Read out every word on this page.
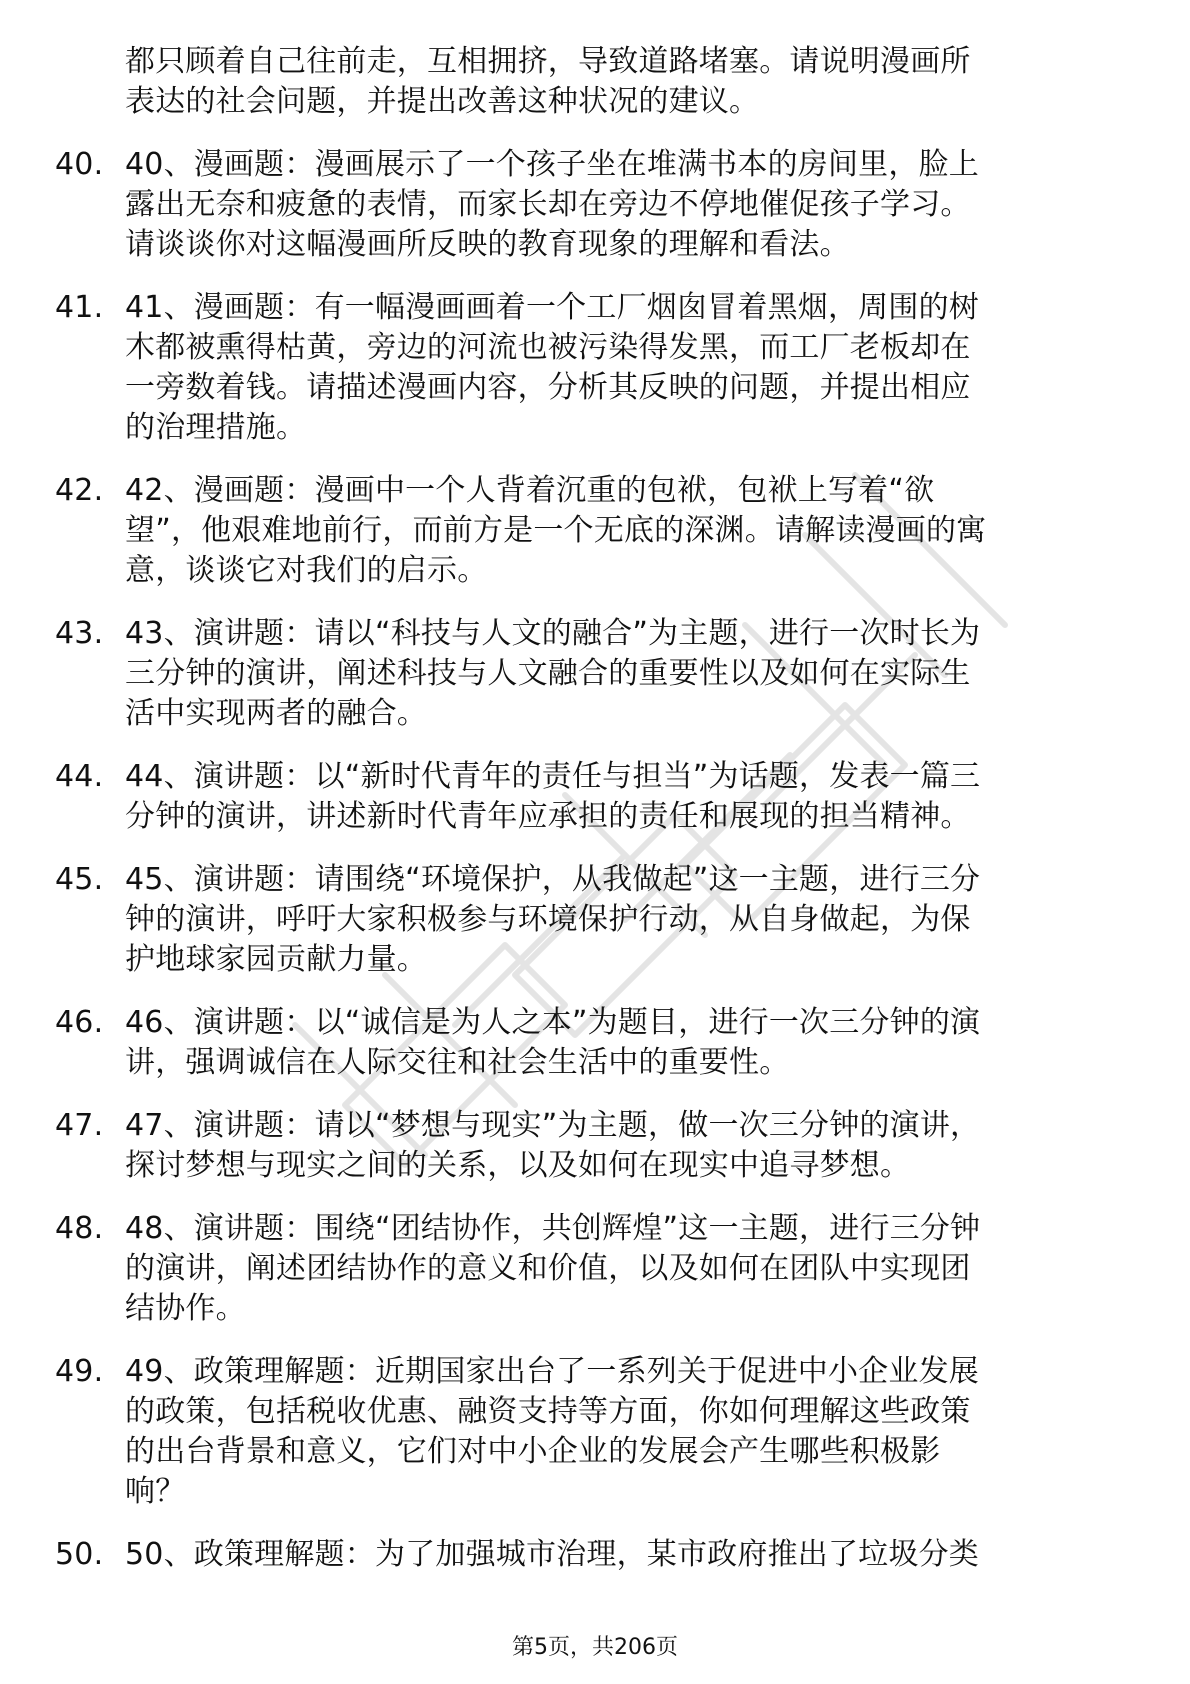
都只顾着自己往前走，互相拥挤，导致道路堵塞。请说明漫画所
表达的社会问题，并提出改善这种状况的建议。
40. 40、漫画题：漫画展示了一个孩子坐在堆满书本的房间里，脸上
露出无奈和疲惫的表情，而家长却在旁边不停地催促孩子学习。
请谈谈你对这幅漫画所反映的教育现象的理解和看法。
41. 41、漫画题：有一幅漫画画着一个工厂烟囱冒着黑烟，周围的树
木都被熏得枯黄，旁边的河流也被污染得发黑，而工厂老板却在
一旁数着钱。请描述漫画内容，分析其反映的问题，并提出相应
的治理措施。
42. 42、漫画题：漫画中一个人背着沉重的包袱，包袱上写着“欲
望”，他艰难地前行，而前方是一个无底的深渊。请解读漫画的寓
意，谈谈它对我们的启示。
43. 43、演讲题：请以“科技与人文的融合”为主题，进行一次时长为
三分钟的演讲，阐述科技与人文融合的重要性以及如何在实际生
活中实现两者的融合。
44. 44、演讲题：以“新时代青年的责任与担当”为话题，发表一篇三
分钟的演讲，讲述新时代青年应承担的责任和展现的担当精神。
45. 45、演讲题：请围绕“环境保护，从我做起”这一主题，进行三分
钟的演讲，呼吁大家积极参与环境保护行动，从自身做起，为保
护地球家园贡献力量。
46. 46、演讲题：以“诚信是为人之本”为题目，进行一次三分钟的演
讲，强调诚信在人际交往和社会生活中的重要性。
47. 47、演讲题：请以“梦想与现实”为主题，做一次三分钟的演讲，
探讨梦想与现实之间的关系，以及如何在现实中追寻梦想。
48. 48、演讲题：围绕“团结协作，共创辉煌”这一主题，进行三分钟
的演讲，阐述团结协作的意义和价值，以及如何在团队中实现团
结协作。
49. 49、政策理解题：近期国家出台了一系列关于促进中小企业发展
的政策，包括税收优惠、融资支持等方面，你如何理解这些政策
的出台背景和意义，它们对中小企业的发展会产生哪些积极影
响？
50. 50、政策理解题：为了加强城市治理，某市政府推出了垃圾分类
第5页，共206页
